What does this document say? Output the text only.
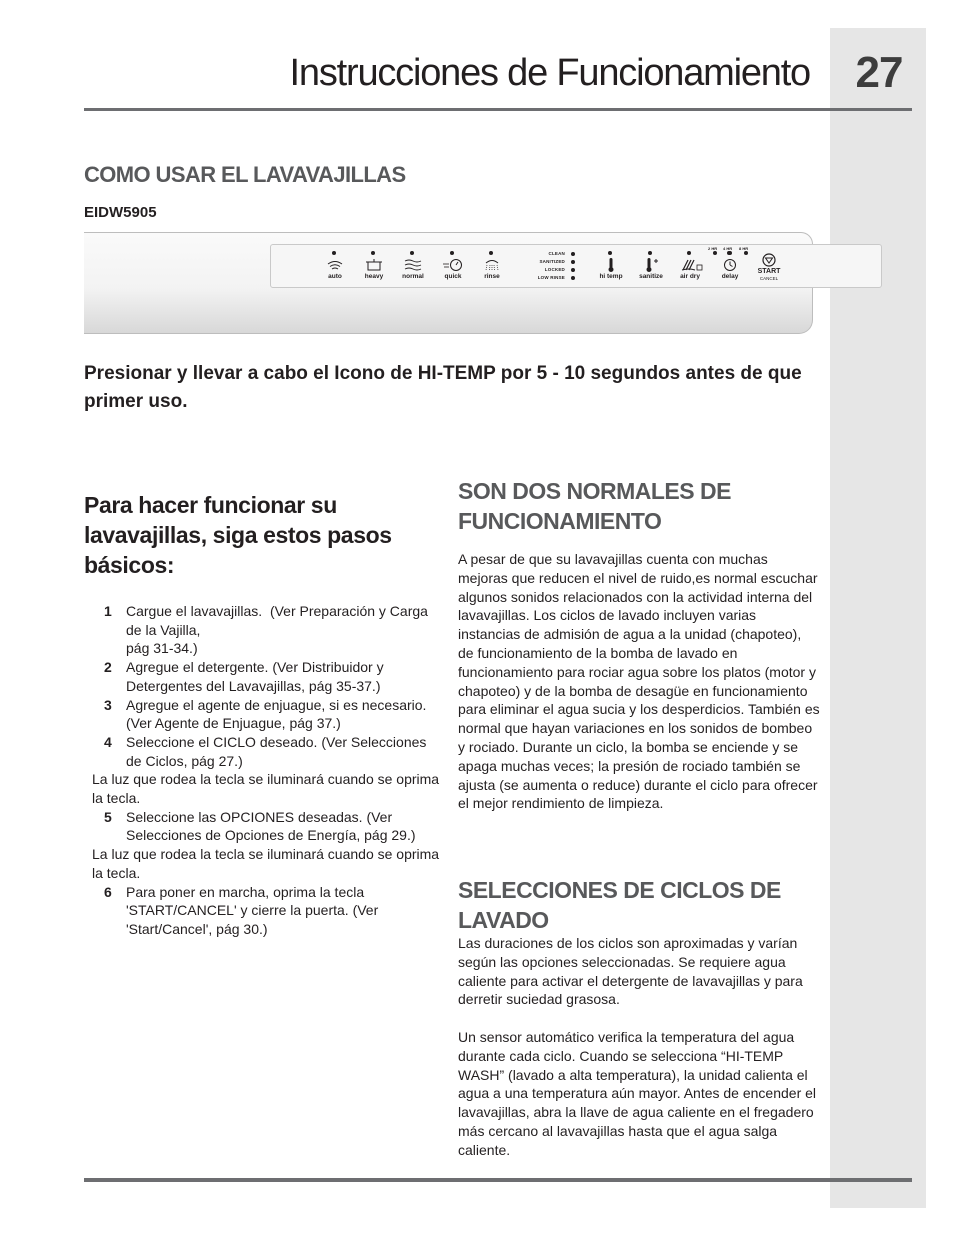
27
Instrucciones de Funcionamiento
COMO USAR EL LAVAVAJILLAS
EIDW5905
auto	heavy	normal	quick	rinse
CLEAN
SANITIZED
LOCKED
LOW RINSE	hi temp	sanitize	air dry	delay
2 HR 4 HR 8 HR
START
CANCEL

Presionar y llevar a cabo el Icono de HI-TEMP por 5 - 10 segundos antes de que primer uso.

Para hacer funcionar su lavavajillas, siga estos pasos básicos:
1 Cargue el lavavajillas.  (Ver Preparación y Carga de la Vajilla,
pág 31-34.)
2 Agregue el detergente. (Ver Distribuidor y Detergentes del Lavavajillas, pág 35-37.)
3 Agregue el agente de enjuague, si es necesario. (Ver Agente de Enjuague, pág 37.)
4 Seleccione el CICLO deseado. (Ver Selecciones de Ciclos, pág 27.)
La luz que rodea la tecla se iluminará cuando se oprima la tecla.
5 Seleccione las OPCIONES deseadas. (Ver Selecciones de Opciones de Energía, pág 29.)
La luz que rodea la tecla se iluminará cuando se oprima la tecla.
6 Para poner en marcha, oprima la tecla 'START/CANCEL' y cierre la puerta. (Ver 'Start/Cancel', pág 30.)
SON DOS NORMALES DE FUNCIONAMIENTO

A pesar de que su lavavajillas cuenta con muchas mejoras que reducen el nivel de ruido,es normal escuchar algunos sonidos relacionados con la actividad interna del lavavajillas. Los ciclos de lavado incluyen varias instancias de admisión de agua a la unidad (chapoteo), de funcionamiento de la bomba de lavado en funcionamiento para rociar agua sobre los platos (motor y chapoteo) y de la bomba de desagüe en funcionamiento para eliminar el agua sucia y los desperdicios. También es normal que hayan variaciones en los sonidos de bombeo y rociado. Durante un ciclo, la bomba se enciende y se apaga muchas veces; la presión de rociado también se ajusta (se aumenta o reduce) durante el ciclo para ofrecer el mejor rendimiento de limpieza.

SELECCIONES DE CICLOS DE LAVADO

Las duraciones de los ciclos son aproximadas y varían según las opciones seleccionadas. Se requiere agua caliente para activar el detergente de lavavajillas y para derretir suciedad grasosa.

Un sensor automático verifica la temperatura del agua durante cada ciclo. Cuando se selecciona “HI-TEMP WASH” (lavado a alta temperatura), la unidad calienta el agua a una temperatura aún mayor. Antes de encender el lavavajillas, abra la llave de agua caliente en el fregadero más cercano al lavavajillas hasta que el agua salga caliente.
